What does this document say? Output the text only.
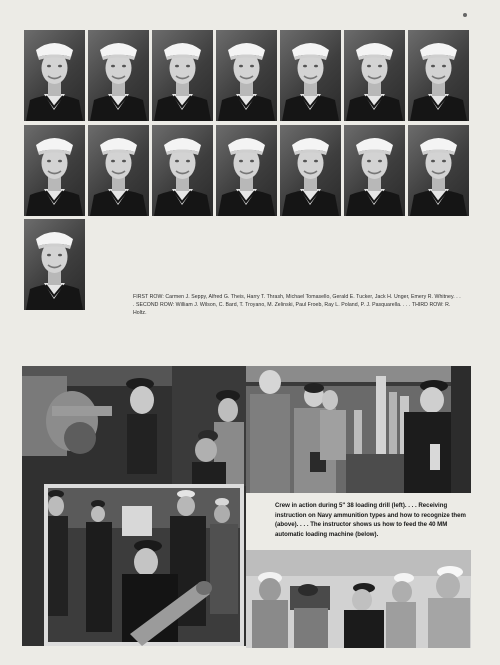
FIRST ROW: Carmen J. Seppy, Alfred G. Theis, Harry T. Thrash, Michael Tomasello, Gerald E. Tucker, Jack H. Unger, Emery R. Whitney. . . . SECOND ROW: William J. Wilson, C. Bard, T. Troyano, M. Zelinski, Paul Froeb, Ray L. Poland, P. J. Pasquarella. . . . THIRD ROW: R. Holtz.
Crew in action during 5" 38 loading drill (left). . . . Receiving instruction on Navy ammunition types and how to recognize them (above). . . . The instructor shows us how to feed the 40 MM automatic loading machine (below).
